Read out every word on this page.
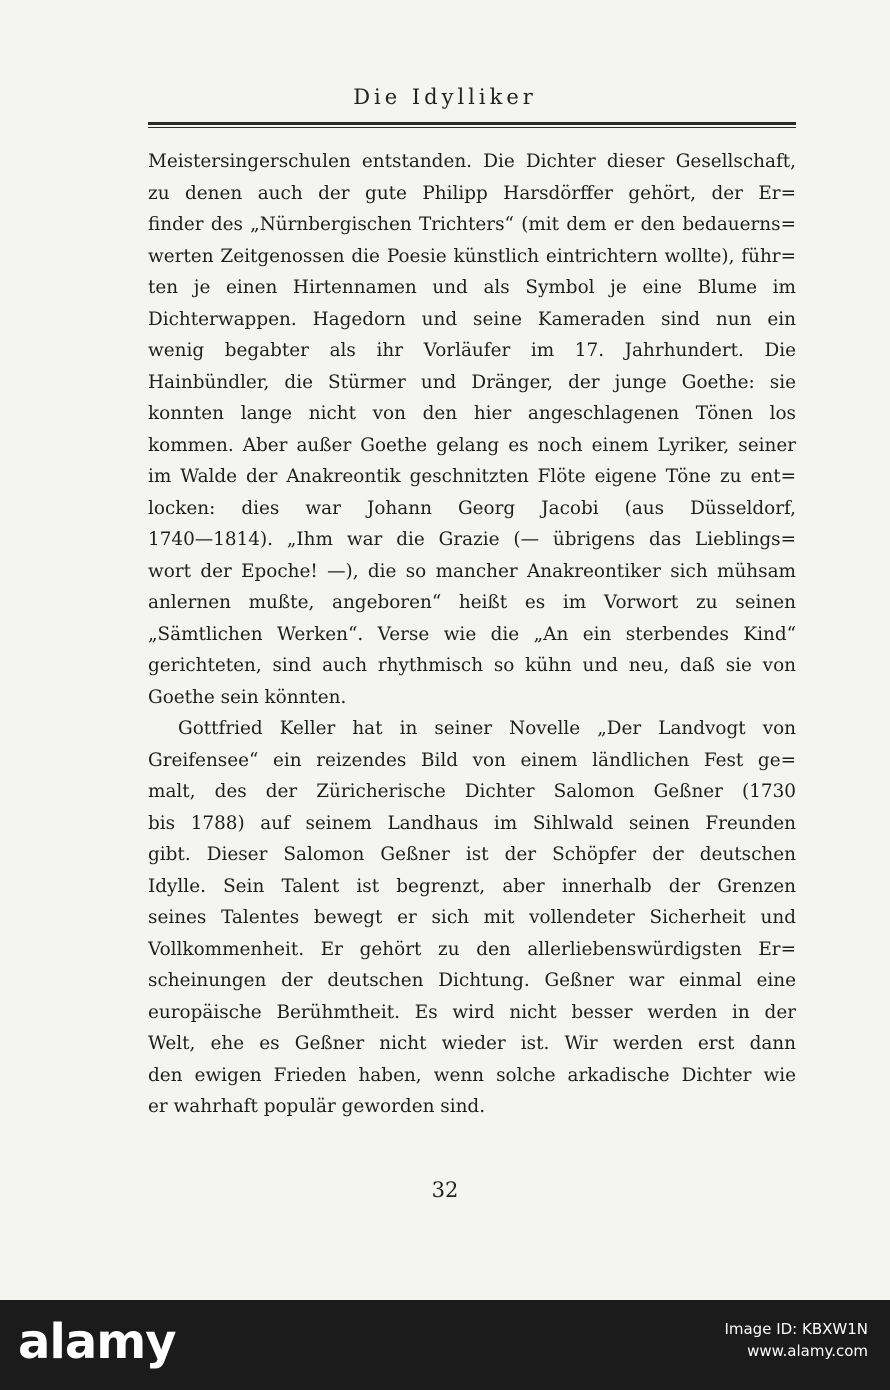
Die Idylliker
Meistersingerschulen entstanden. Die Dichter dieser Gesellschaft,
zu denen auch der gute Philipp Harsdörffer gehört, der Er=
finder des „Nürnbergischen Trichters“ (mit dem er den bedauerns=
werten Zeitgenossen die Poesie künstlich eintrichtern wollte), führ=
ten je einen Hirtennamen und als Symbol je eine Blume im
Dichterwappen. Hagedorn und seine Kameraden sind nun ein
wenig begabter als ihr Vorläufer im 17. Jahrhundert. Die
Hainbündler, die Stürmer und Dränger, der junge Goethe: sie
konnten lange nicht von den hier angeschlagenen Tönen los
kommen. Aber außer Goethe gelang es noch einem Lyriker, seiner
im Walde der Anakreontik geschnitzten Flöte eigene Töne zu ent=
locken: dies war Johann Georg Jacobi (aus Düsseldorf,
1740—1814). „Ihm war die Grazie (— übrigens das Lieblings=
wort der Epoche! —), die so mancher Anakreontiker sich mühsam
anlernen mußte, angeboren“ heißt es im Vorwort zu seinen
„Sämtlichen Werken“. Verse wie die „An ein sterbendes Kind“
gerichteten, sind auch rhythmisch so kühn und neu, daß sie von
Goethe sein könnten.
Gottfried Keller hat in seiner Novelle „Der Landvogt von
Greifensee“ ein reizendes Bild von einem ländlichen Fest ge=
malt, des der Züricherische Dichter Salomon Geßner (1730
bis 1788) auf seinem Landhaus im Sihlwald seinen Freunden
gibt. Dieser Salomon Geßner ist der Schöpfer der deutschen
Idylle. Sein Talent ist begrenzt, aber innerhalb der Grenzen
seines Talentes bewegt er sich mit vollendeter Sicherheit und
Vollkommenheit. Er gehört zu den allerliebenswürdigsten Er=
scheinungen der deutschen Dichtung. Geßner war einmal eine
europäische Berühmtheit. Es wird nicht besser werden in der
Welt, ehe es Geßner nicht wieder ist. Wir werden erst dann
den ewigen Frieden haben, wenn solche arkadische Dichter wie
er wahrhaft populär geworden sind.
32
alamy	Image ID: KBXW1N
www.alamy.com
